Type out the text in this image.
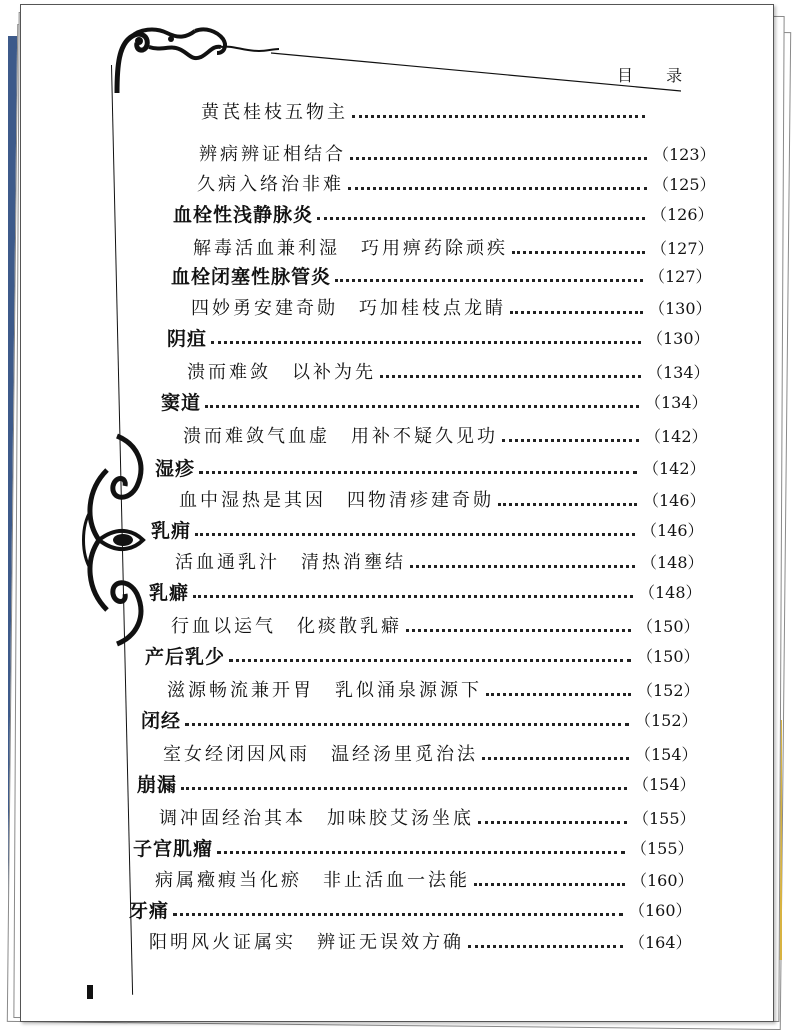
目 录
黄芪桂枝五物主
辨病辨证相结合	（123）
久病入络治非难	（125）
血栓性浅静脉炎	（126）
解毒活血兼利湿　巧用痹药除顽疾	（127）
血栓闭塞性脉管炎	（127）
四妙勇安建奇勋　巧加桂枝点龙睛	（130）
阴疽	（130）
溃而难敛　以补为先	（134）
窦道	（134）
溃而难敛气血虚　用补不疑久见功	（142）
湿疹	（142）
血中湿热是其因　四物清疹建奇勋	（146）
乳痈	（146）
活血通乳汁　清热消壅结	（148）
乳癖	（148）
行血以运气　化痰散乳癖	（150）
产后乳少	（150）
滋源畅流兼开胃　乳似涌泉源源下	（152）
闭经	（152）
室女经闭因风雨　温经汤里觅治法	（154）
崩漏	（154）
调冲固经治其本　加味胶艾汤坐底	（155）
子宫肌瘤	（155）
病属癥瘕当化瘀　非止活血一法能	（160）
牙痛	（160）
阳明风火证属实　辨证无误效方确	（164）
